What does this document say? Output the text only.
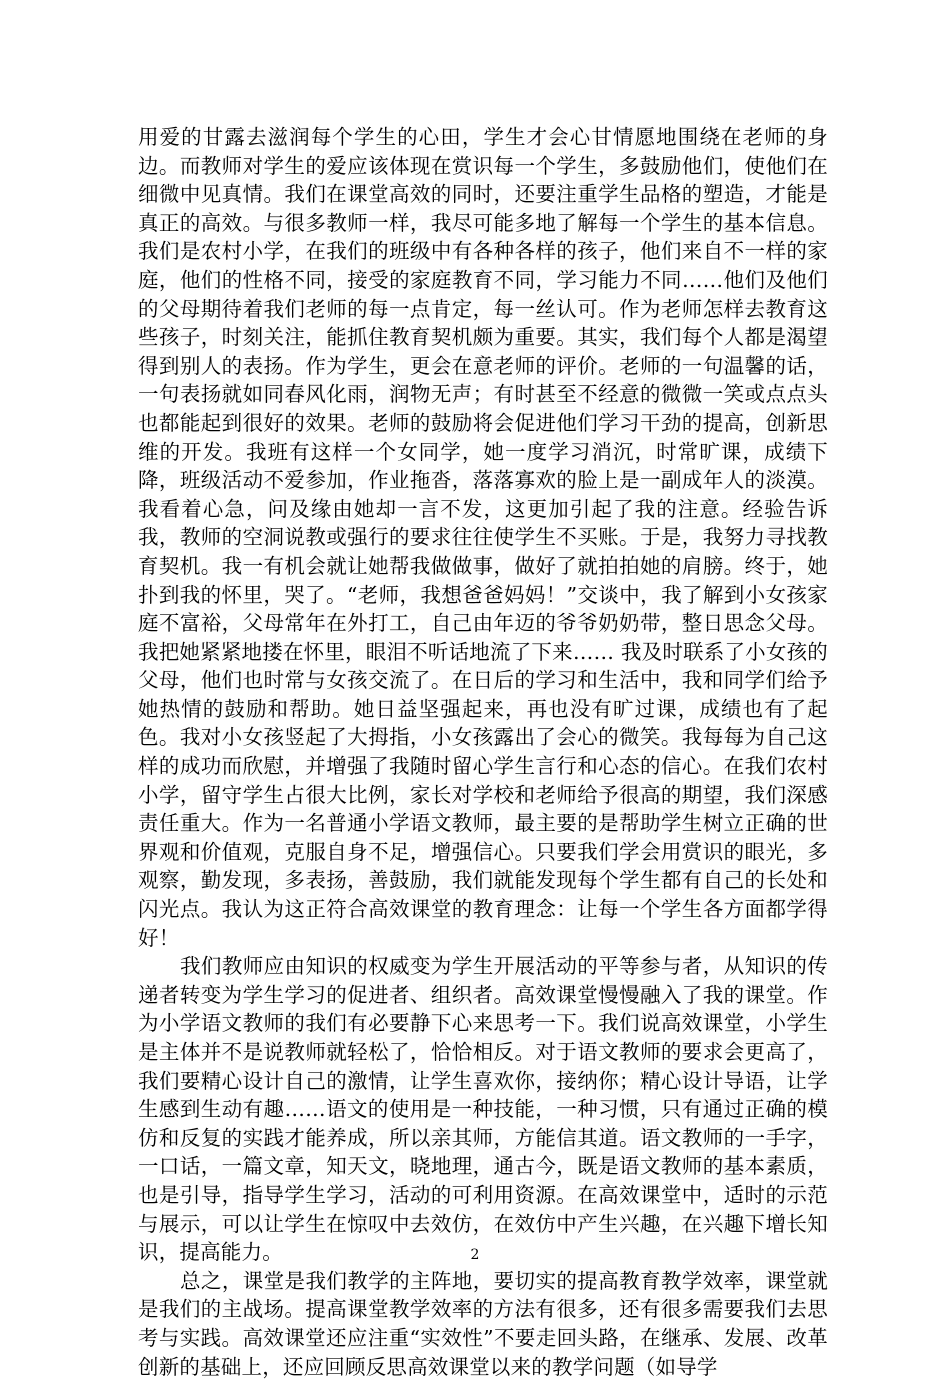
用爱的甘露去滋润每个学生的心田，学生才会心甘情愿地围绕在老师的身边。而教师对学生的爱应该体现在赏识每一个学生，多鼓励他们，使他们在细微中见真情。我们在课堂高效的同时，还要注重学生品格的塑造，才能是真正的高效。与很多教师一样，我尽可能多地了解每一个学生的基本信息。我们是农村小学，在我们的班级中有各种各样的孩子，他们来自不一样的家庭，他们的性格不同，接受的家庭教育不同，学习能力不同……他们及他们的父母期待着我们老师的每一点肯定，每一丝认可。作为老师怎样去教育这些孩子，时刻关注，能抓住教育契机颇为重要。其实，我们每个人都是渴望得到别人的表扬。作为学生，更会在意老师的评价。老师的一句温馨的话，一句表扬就如同春风化雨，润物无声；有时甚至不经意的微微一笑或点点头也都能起到很好的效果。老师的鼓励将会促进他们学习干劲的提高，创新思维的开发。我班有这样一个女同学，她一度学习消沉，时常旷课，成绩下降，班级活动不爱参加，作业拖沓，落落寡欢的脸上是一副成年人的淡漠。我看着心急，问及缘由她却一言不发，这更加引起了我的注意。经验告诉我，教师的空洞说教或强行的要求往往使学生不买账。于是，我努力寻找教育契机。我一有机会就让她帮我做做事，做好了就拍拍她的肩膀。终于，她扑到我的怀里，哭了。“老师，我想爸爸妈妈！”交谈中，我了解到小女孩家庭不富裕，父母常年在外打工，自己由年迈的爷爷奶奶带，整日思念父母。我把她紧紧地搂在怀里，眼泪不听话地流了下来…… 我及时联系了小女孩的父母，他们也时常与女孩交流了。在日后的学习和生活中，我和同学们给予她热情的鼓励和帮助。她日益坚强起来，再也没有旷过课，成绩也有了起色。我对小女孩竖起了大拇指，小女孩露出了会心的微笑。我每每为自己这样的成功而欣慰，并增强了我随时留心学生言行和心态的信心。在我们农村小学，留守学生占很大比例，家长对学校和老师给予很高的期望，我们深感责任重大。作为一名普通小学语文教师，最主要的是帮助学生树立正确的世界观和价值观，克服自身不足，增强信心。只要我们学会用赏识的眼光，多观察，勤发现，多表扬，善鼓励，我们就能发现每个学生都有自己的长处和闪光点。我认为这正符合高效课堂的教育理念：让每一个学生各方面都学得好！

我们教师应由知识的权威变为学生开展活动的平等参与者，从知识的传递者转变为学生学习的促进者、组织者。高效课堂慢慢融入了我的课堂。作为小学语文教师的我们有必要静下心来思考一下。我们说高效课堂，小学生是主体并不是说教师就轻松了，恰恰相反。对于语文教师的要求会更高了，我们要精心设计自己的激情，让学生喜欢你，接纳你；精心设计导语，让学生感到生动有趣……语文的使用是一种技能，一种习惯，只有通过正确的模仿和反复的实践才能养成，所以亲其师，方能信其道。语文教师的一手字，一口话，一篇文章，知天文，晓地理，通古今，既是语文教师的基本素质，也是引导，指导学生学习，活动的可利用资源。在高效课堂中，适时的示范与展示，可以让学生在惊叹中去效仿，在效仿中产生兴趣，在兴趣下增长知识，提高能力。

总之，课堂是我们教学的主阵地，要切实的提高教育教学效率，课堂就是我们的主战场。提高课堂教学效率的方法有很多，还有很多需要我们去思考与实践。高效课堂还应注重“实效性”不要走回头路，在继承、发展、改革创新的基础上，还应回顾反思高效课堂以来的教学问题（如导学

2
